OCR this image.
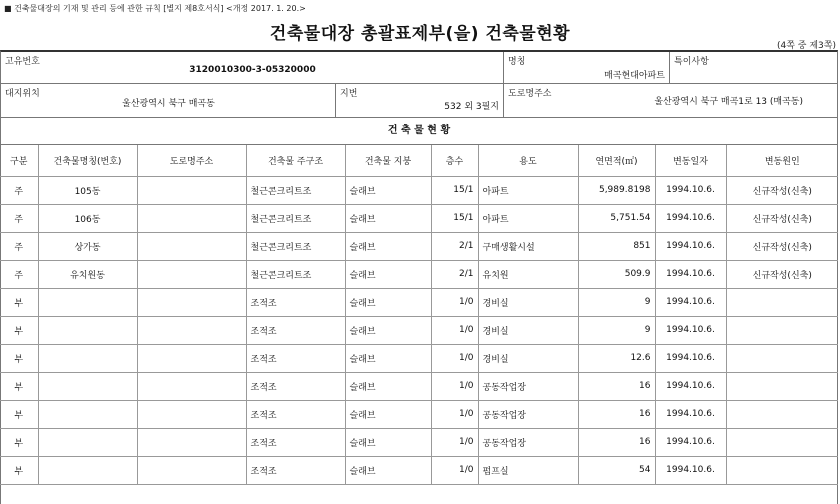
■ 건축물대장의 기재 및 관리 등에 관한 규칙 [별지 제8호서식] <개정 2017. 1. 20.>
건축물대장 총괄표제부(을) 건축물현황
(4쪽 중 제3쪽)
고유번호
3120010300-3-05320000
명칭
매곡현대아파트
특이사항
대지위치
울산광역시 북구 매곡동
지번
532 외 3필지
도로명주소
울산광역시 북구 매곡1로 13 (매곡동)
건 축 물 현 황
구분	건축물명칭(번호)	도로명주소	건축물 주구조	건축물 지붕	층수	용도	연면적(㎡)	변동일자	변동원인
주	105동		철근콘크리트조	슬래브	15/1	아파트	5,989.8198	1994.10.6.	신규작성(신축)
주	106동		철근콘크리트조	슬래브	15/1	아파트	5,751.54	1994.10.6.	신규작성(신축)
주	상가동		철근콘크리트조	슬래브	2/1	구매생활시설	851	1994.10.6.	신규작성(신축)
주	유치원동		철근콘크리트조	슬래브	2/1	유치원	509.9	1994.10.6.	신규작성(신축)
부			조적조	슬래브	1/0	경비실	9	1994.10.6.	
부			조적조	슬래브	1/0	경비실	9	1994.10.6.	
부			조적조	슬래브	1/0	경비실	12.6	1994.10.6.	
부			조적조	슬래브	1/0	공동작업장	16	1994.10.6.	
부			조적조	슬래브	1/0	공동작업장	16	1994.10.6.	
부			조적조	슬래브	1/0	공동작업장	16	1994.10.6.	
부			조적조	슬래브	1/0	펌프실	54	1994.10.6.	
